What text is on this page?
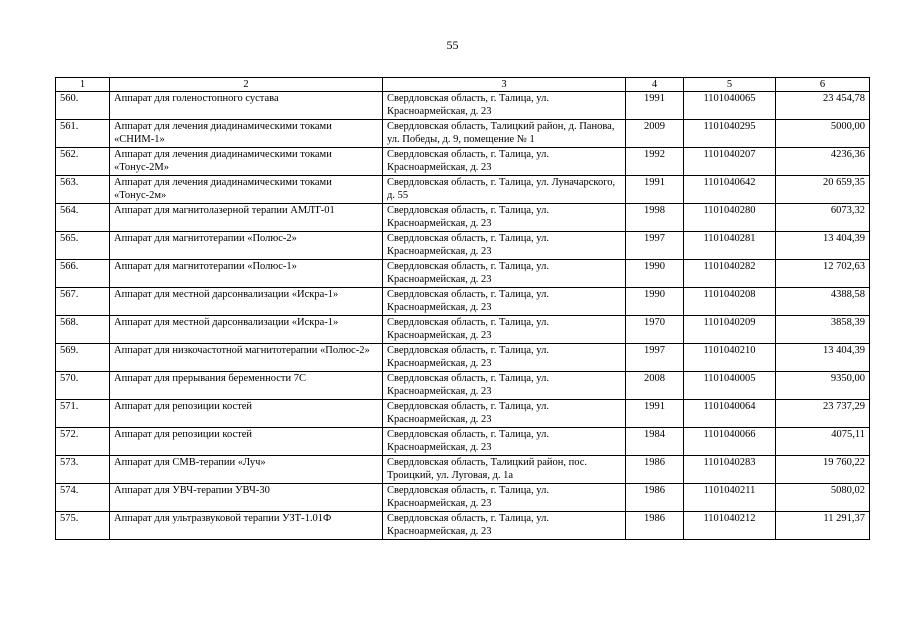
55
1	2	3	4	5	6
560.	Аппарат для голеностопного сустава	Свердловская область, г. Талица, ул. Красноармейская, д. 23	1991	1101040065	23 454,78
561.	Аппарат для лечения диадинамическими токами «СНИМ-1»	Свердловская область, Талицкий район, д. Панова, ул. Победы, д. 9, помещение № 1	2009	1101040295	5000,00
562.	Аппарат для лечения диадинамическими токами «Тонус-2М»	Свердловская область, г. Талица, ул. Красноармейская, д. 23	1992	1101040207	4236,36
563.	Аппарат для лечения диадинамическими токами «Тонус-2м»	Свердловская область, г. Талица, ул. Луначарского, д. 55	1991	1101040642	20 659,35
564.	Аппарат для магнитолазерной терапии АМЛТ-01	Свердловская область, г. Талица, ул. Красноармейская, д. 23	1998	1101040280	6073,32
565.	Аппарат для магнитотерапии «Полюс-2»	Свердловская область, г. Талица, ул. Красноармейская, д. 23	1997	1101040281	13 404,39
566.	Аппарат для магнитотерапии «Полюс-1»	Свердловская область, г. Талица, ул. Красноармейская, д. 23	1990	1101040282	12 702,63
567.	Аппарат для местной дарсонвализации «Искра-1»	Свердловская область, г. Талица, ул. Красноармейская, д. 23	1990	1101040208	4388,58
568.	Аппарат для местной дарсонвализации «Искра-1»	Свердловская область, г. Талица, ул. Красноармейская, д. 23	1970	1101040209	3858,39
569.	Аппарат для низкочастотной магнитотерапии «Полюс-2»	Свердловская область, г. Талица, ул. Красноармейская, д. 23	1997	1101040210	13 404,39
570.	Аппарат для прерывания беременности 7С	Свердловская область, г. Талица, ул. Красноармейская, д. 23	2008	1101040005	9350,00
571.	Аппарат для репозиции костей	Свердловская область, г. Талица, ул. Красноармейская, д. 23	1991	1101040064	23 737,29
572.	Аппарат для репозиции костей	Свердловская область, г. Талица, ул. Красноармейская, д. 23	1984	1101040066	4075,11
573.	Аппарат для СМВ-терапии «Луч»	Свердловская область, Талицкий район, пос. Троицкий, ул. Луговая, д. 1а	1986	1101040283	19 760,22
574.	Аппарат для УВЧ-терапии УВЧ-30	Свердловская область, г. Талица, ул. Красноармейская, д. 23	1986	1101040211	5080,02
575.	Аппарат для ультразвуковой терапии УЗТ-1.01Ф	Свердловская область, г. Талица, ул. Красноармейская, д. 23	1986	1101040212	11 291,37
